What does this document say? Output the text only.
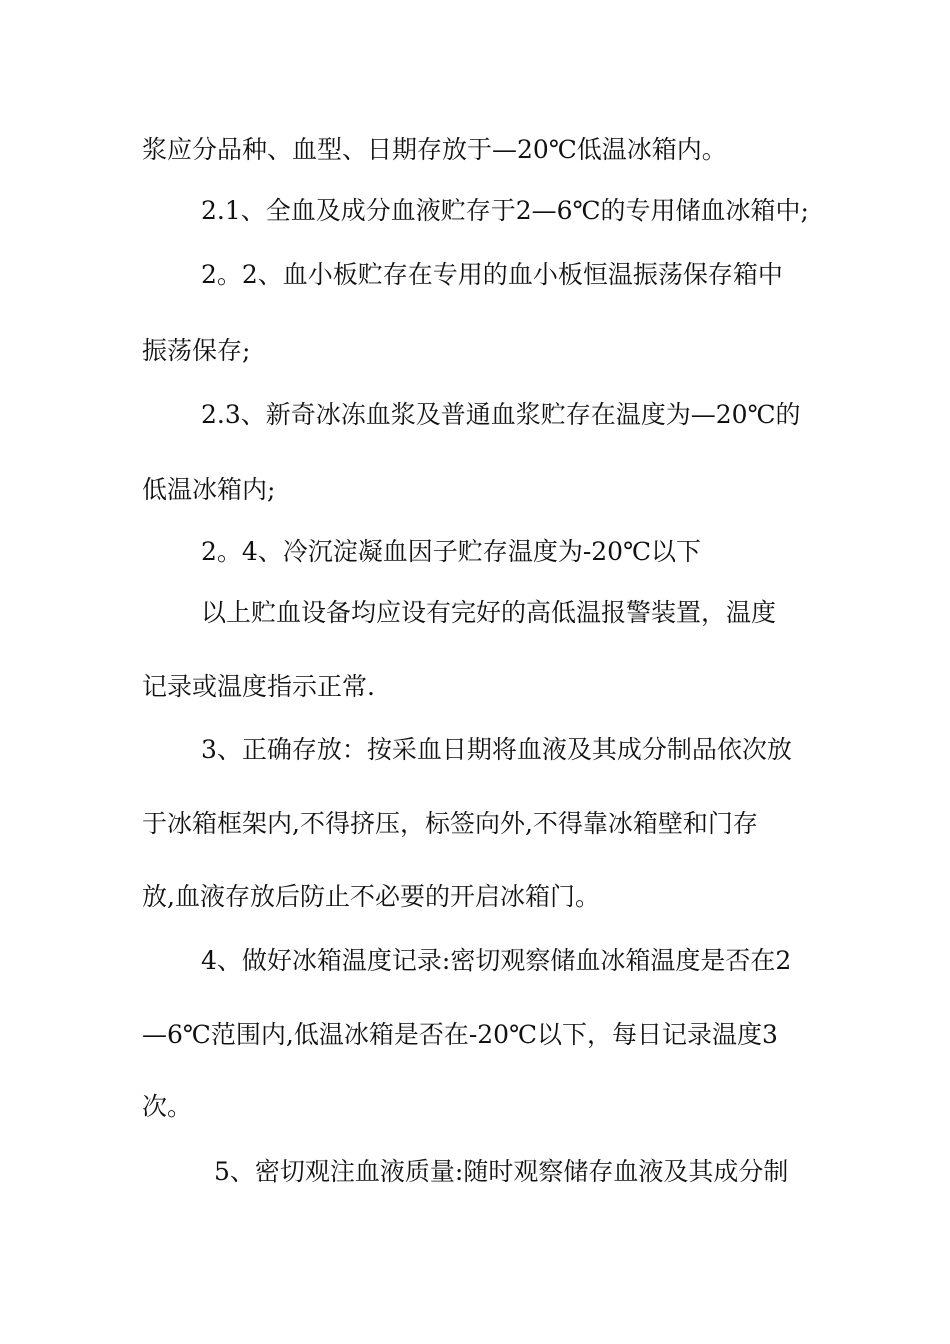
浆应分品种、血型、日期存放于—20℃低温冰箱内。
2.1、全血及成分血液贮存于2—6℃的专用储血冰箱中;
2。2、血小板贮存在专用的血小板恒温振荡保存箱中
振荡保存;
2.3、新奇冰冻血浆及普通血浆贮存在温度为—20℃的
低温冰箱内;
2。4、冷沉淀凝血因子贮存温度为-20℃以下
以上贮血设备均应设有完好的高低温报警装置，温度
记录或温度指示正常.
3、正确存放：按采血日期将血液及其成分制品依次放
于冰箱框架内,不得挤压，标签向外,不得靠冰箱壁和门存
放,血液存放后防止不必要的开启冰箱门。
4、做好冰箱温度记录:密切观察储血冰箱温度是否在2
—6℃范围内,低温冰箱是否在-20℃以下，每日记录温度3
次。
5、密切观注血液质量:随时观察储存血液及其成分制
